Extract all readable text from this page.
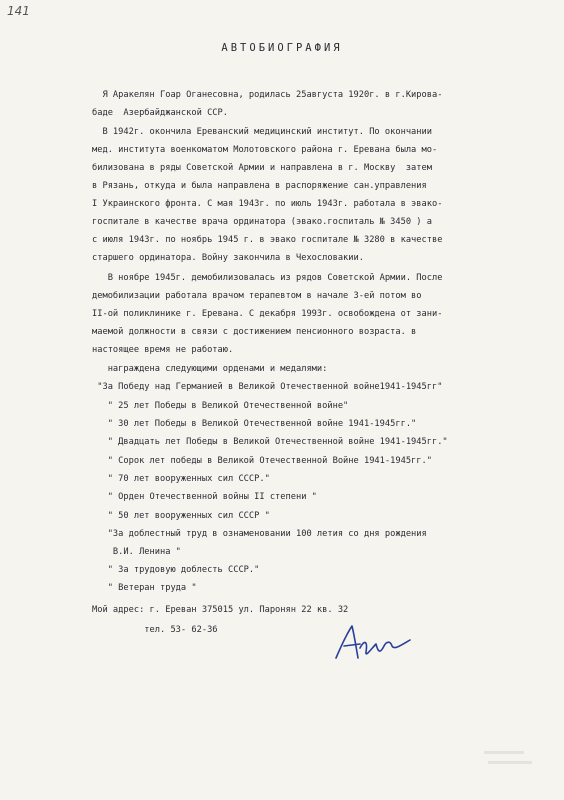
141
АВТОБИОГРАФИЯ
Я Аракелян Гоар Оганесовна, родилась 25августа 1920г. в г.Кирова-
бадe  Азербайджанской ССР.
В 1942г. окончила Ереванский медицинский институт. По окончании
мед. института военкоматом Молотовского района г. Еревана была мо-
билизована в ряды Советской Армии и направлена в г. Москву  затем
в Рязань, откуда и была направлена в распоряжение сан.управления
I Украинского фронта. С мая 1943г. по июль 1943г. работала в эвако-
госпитале в качестве врача ординатора (эвако.госпиталь № 3450 ) а
с июля 1943г. по ноябрь 1945 г. в эвако госпитале № 3280 в качестве
старшего ординатора. Войну закончила в Чехословакии.
В ноябре 1945г. демобилизовалась из рядов Советской Армии. После
демобилизации работала врачом терапевтом в начале 3-ей потом во
II-ой поликлинике г. Еревана. С декабря 1993г. освобождена от зани-
маемой должности в связи с достижением пенсионного возраста. в
настоящее время не работаю.
награждена следующими орденами и медалями:
"За Победу над Германией в Великой Отечественной войне1941-1945гг"
" 25 лет Победы в Великой Отечественной войне"
" 30 лет Победы в Великой Отечественной войне 1941-1945гг."
" Двадцать лет Победы в Великой Отечественной войне 1941-1945гг."
" Сорок лет победы в Великой Отечественной Войне 1941-1945гг."
" 70 лет вооруженных сил СССР."
" Орден Отечественной войны II степени "
" 50 лет вооруженных сил СССР "
"За доблестный труд в ознаменовании 100 летия со дня рождения
В.И. Ленина "
" За трудовую доблесть СССР."
" Ветеран труда "
Мой адрес: г. Ереван 375015 ул. Паронян 22 кв. 32
тел. 53- 62-36
